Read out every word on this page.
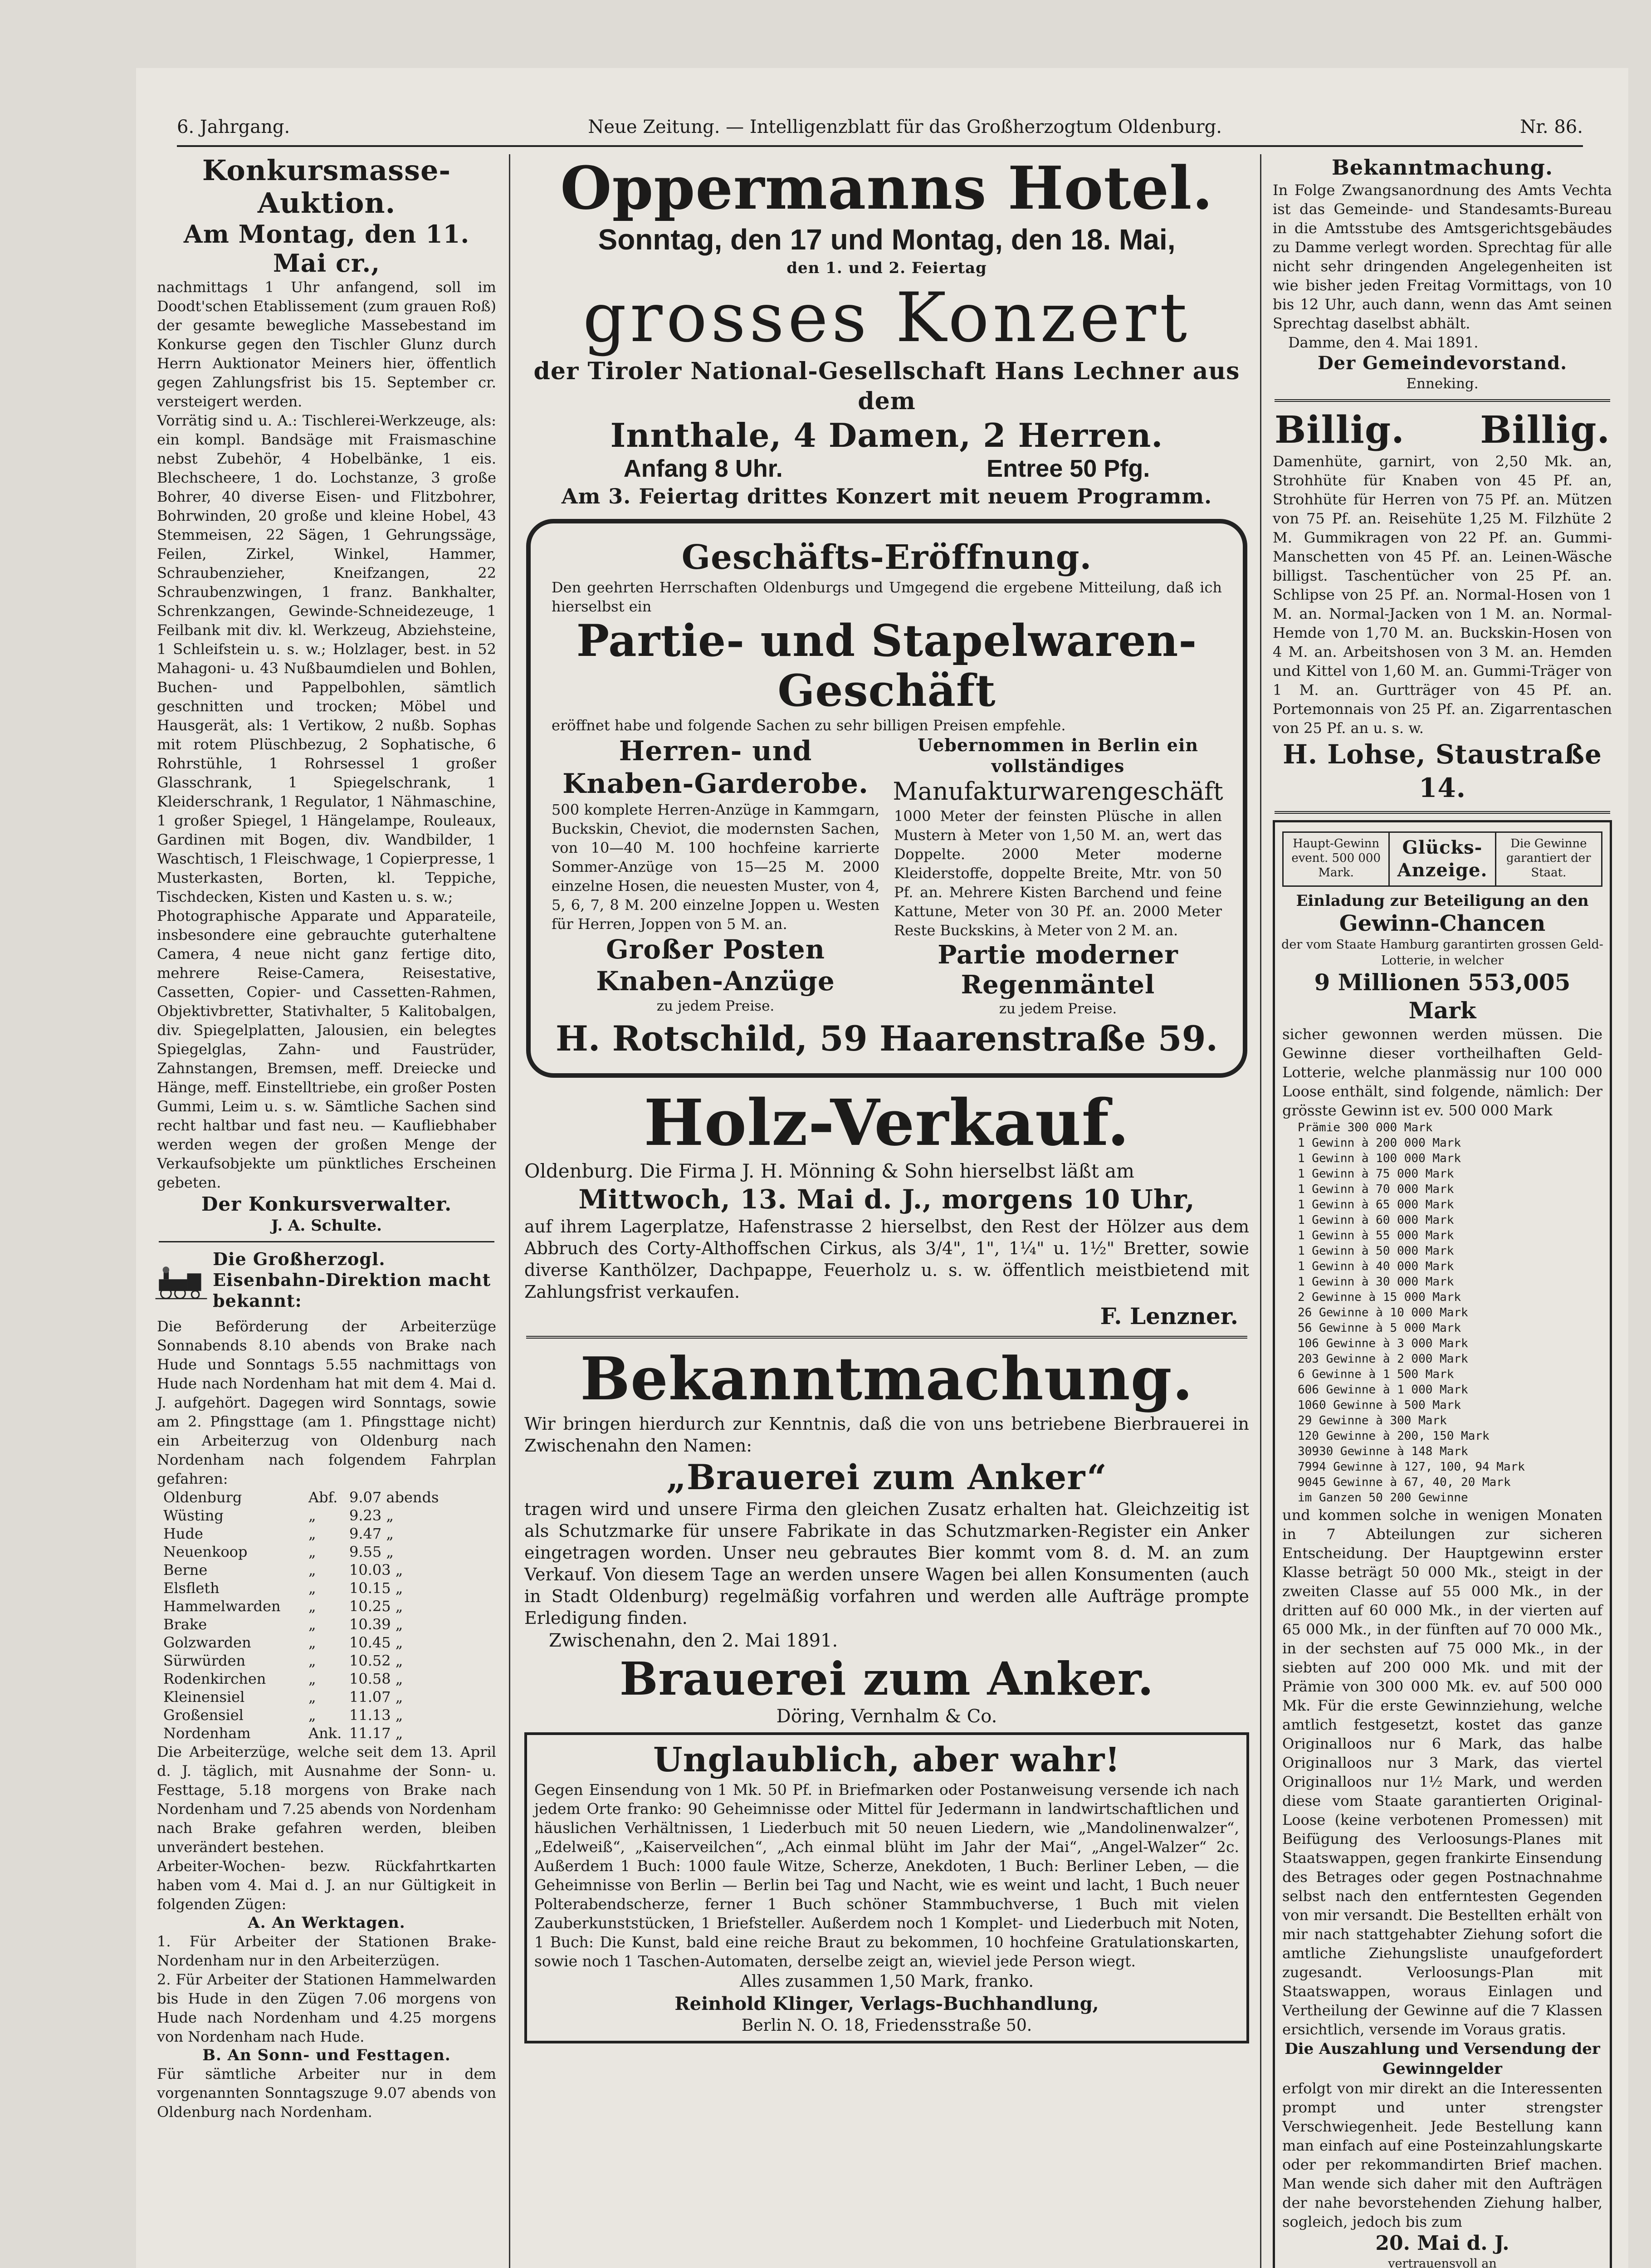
6. Jahrgang.	Neue Zeitung. — Intelligenzblatt für das Großherzogtum Oldenburg.	Nr. 86.
Konkursmasse-Auktion.
Am Montag, den 11. Mai cr.,
nachmittags 1 Uhr anfangend, soll im Doodt'schen Etablissement (zum grauen Roß) der gesamte bewegliche Massebestand im Konkurse gegen den Tischler Glunz durch Herrn Auktionator Meiners hier, öffentlich gegen Zahlungsfrist bis 15. September cr. versteigert werden.
Vorrätig sind u. A.: Tischlerei-Werkzeuge, als: ein kompl. Bandsäge mit Fraismaschine nebst Zubehör, 4 Hobelbänke, 1 eis. Blechscheere, 1 do. Lochstanze, 3 große Bohrer, 40 diverse Eisen- und Flitzbohrer, Bohrwinden, 20 große und kleine Hobel, 43 Stemmeisen, 22 Sägen, 1 Gehrungssäge, Feilen, Zirkel, Winkel, Hammer, Schraubenzieher, Kneifzangen, 22 Schraubenzwingen, 1 franz. Bankhalter, Schrenkzangen, Gewinde-Schneidezeuge, 1 Feilbank mit div. kl. Werkzeug, Abziehsteine, 1 Schleifstein u. s. w.; Holzlager, best. in 52 Mahagoni- u. 43 Nußbaumdielen und Bohlen, Buchen- und Pappelbohlen, sämtlich geschnitten und trocken; Möbel und Hausgerät, als: 1 Vertikow, 2 nußb. Sophas mit rotem Plüschbezug, 2 Sophatische, 6 Rohrstühle, 1 Rohrsessel 1 großer Glasschrank, 1 Spiegelschrank, 1 Kleiderschrank, 1 Regulator, 1 Nähmaschine, 1 großer Spiegel, 1 Hängelampe, Rouleaux, Gardinen mit Bogen, div. Wandbilder, 1 Waschtisch, 1 Fleischwage, 1 Copierpresse, 1 Musterkasten, Borten, kl. Teppiche, Tischdecken, Kisten und Kasten u. s. w.;
Photographische Apparate und Apparateile, insbesondere eine gebrauchte guterhaltene Camera, 4 neue nicht ganz fertige dito, mehrere Reise-Camera, Reisestative, Cassetten, Copier- und Cassetten-Rahmen, Objektivbretter, Stativhalter, 5 Kalitobalgen, div. Spiegelplatten, Jalousien, ein belegtes Spiegelglas, Zahn- und Faustrüder, Zahnstangen, Bremsen, meff. Dreiecke und Hänge, meff. Einstelltriebe, ein großer Posten Gummi, Leim u. s. w. Sämtliche Sachen sind recht haltbar und fast neu. — Kaufliebhaber werden wegen der großen Menge der Verkaufsobjekte um pünktliches Erscheinen gebeten.
Der Konkursverwalter.
J. A. Schulte.
Die Großherzogl. Eisenbahn-Direktion macht bekannt:
Die Beförderung der Arbeiterzüge Sonnabends 8.10 abends von Brake nach Hude und Sonntags 5.55 nachmittags von Hude nach Nordenham hat mit dem 4. Mai d. J. aufgehört. Dagegen wird Sonntags, sowie am 2. Pfingsttage (am 1. Pfingsttage nicht) ein Arbeiterzug von Oldenburg nach Nordenham nach folgendem Fahrplan gefahren:
Oldenburg	Abf. 9.07 abends
Wüsting	„	9.23 „
Hude	„	9.47 „
Neuenkoop	„	9.55 „
Berne	„	10.03 „
Elsfleth	„	10.15 „
Hammelwarden	„	10.25 „
Brake	„	10.39 „
Golzwarden	„	10.45 „
Sürwürden	„	10.52 „
Rodenkirchen	„	10.58 „
Kleinensiel	„	11.07 „
Großensiel	„	11.13 „
Nordenham	Ank. 11.17 „
Die Arbeiterzüge, welche seit dem 13. April d. J. täglich, mit Ausnahme der Sonn- u. Festtage, 5.18 morgens von Brake nach Nordenham und 7.25 abends von Nordenham nach Brake gefahren werden, bleiben unverändert bestehen.
Arbeiter-Wochen- bezw. Rückfahrtkarten haben vom 4. Mai d. J. an nur Gültigkeit in folgenden Zügen:
A. An Werktagen.
1. Für Arbeiter der Stationen Brake-Nordenham nur in den Arbeiterzügen.
2. Für Arbeiter der Stationen Hammelwarden bis Hude in den Zügen 7.06 morgens von Hude nach Nordenham und 4.25 morgens von Nordenham nach Hude.
B. An Sonn- und Festtagen.
Für sämtliche Arbeiter nur in dem vorgenannten Sonntagszuge 9.07 abends von Oldenburg nach Nordenham.
Oppermanns Hotel.
Sonntag, den 17 und Montag, den 18. Mai,
den 1. und 2. Feiertag
grosses Konzert
der Tiroler National-Gesellschaft Hans Lechner aus dem
Innthale, 4 Damen, 2 Herren.
Anfang 8 Uhr.	Entree 50 Pfg.
Am 3. Feiertag drittes Konzert mit neuem Programm.
Geschäfts-Eröffnung.
Den geehrten Herrschaften Oldenburgs und Umgegend die ergebene Mitteilung, daß ich hierselbst ein
Partie- und Stapelwaren-Geschäft
eröffnet habe und folgende Sachen zu sehr billigen Preisen empfehle.
Herren- und Knaben-Garderobe.
500 komplete Herren-Anzüge in Kammgarn, Buckskin, Cheviot, die modernsten Sachen, von 10—40 M. 100 hochfeine karrierte Sommer-Anzüge von 15—25 M. 2000 einzelne Hosen, die neuesten Muster, von 4, 5, 6, 7, 8 M. 200 einzelne Joppen u. Westen für Herren, Joppen von 5 M. an.
Großer Posten Knaben-Anzüge
zu jedem Preise.
Uebernommen in Berlin ein vollständiges
Manufakturwarengeschäft
1000 Meter der feinsten Plüsche in allen Mustern à Meter von 1,50 M. an, wert das Doppelte. 2000 Meter moderne Kleiderstoffe, doppelte Breite, Mtr. von 50 Pf. an. Mehrere Kisten Barchend und feine Kattune, Meter von 30 Pf. an. 2000 Meter Reste Buckskins, à Meter von 2 M. an.
Partie moderner Regenmäntel
zu jedem Preise.
H. Rotschild, 59 Haarenstraße 59.
Holz-Verkauf.
Oldenburg. Die Firma J. H. Mönning & Sohn hierselbst läßt am
Mittwoch, 13. Mai d. J., morgens 10 Uhr,
auf ihrem Lagerplatze, Hafenstrasse 2 hierselbst, den Rest der Hölzer aus dem Abbruch des Corty-Althoffschen Cirkus, als 3/4", 1", 1¼" u. 1½" Bretter, sowie diverse Kanthölzer, Dachpappe, Feuerholz u. s. w. öffentlich meistbietend mit Zahlungsfrist verkaufen.
F. Lenzner.
Bekanntmachung.
Wir bringen hierdurch zur Kenntnis, daß die von uns betriebene Bierbrauerei in Zwischenahn den Namen:
„Brauerei zum Anker“
tragen wird und unsere Firma den gleichen Zusatz erhalten hat. Gleichzeitig ist als Schutzmarke für unsere Fabrikate in das Schutzmarken-Register ein Anker eingetragen worden. Unser neu gebrautes Bier kommt vom 8. d. M. an zum Verkauf. Von diesem Tage an werden unsere Wagen bei allen Konsumenten (auch in Stadt Oldenburg) regelmäßig vorfahren und werden alle Aufträge prompte Erledigung finden.
Zwischenahn, den 2. Mai 1891.
Brauerei zum Anker.
Döring, Vernhalm & Co.
Unglaublich, aber wahr!
Gegen Einsendung von 1 Mk. 50 Pf. in Briefmarken oder Postanweisung versende ich nach jedem Orte franko: 90 Geheimnisse oder Mittel für Jedermann in landwirtschaftlichen und häuslichen Verhältnissen, 1 Liederbuch mit 50 neuen Liedern, wie „Mandolinenwalzer“, „Edelweiß“, „Kaiserveilchen“, „Ach einmal blüht im Jahr der Mai“, „Angel-Walzer“ 2c. Außerdem 1 Buch: 1000 faule Witze, Scherze, Anekdoten, 1 Buch: Berliner Leben, — die Geheimnisse von Berlin — Berlin bei Tag und Nacht, wie es weint und lacht, 1 Buch neuer Polterabendscherze, ferner 1 Buch schöner Stammbuchverse, 1 Buch mit vielen Zauberkunststücken, 1 Briefsteller. Außerdem noch 1 Komplet- und Liederbuch mit Noten, 1 Buch: Die Kunst, bald eine reiche Braut zu bekommen, 10 hochfeine Gratulationskarten, sowie noch 1 Taschen-Automaten, derselbe zeigt an, wieviel jede Person wiegt.
Alles zusammen 1,50 Mark, franko.
Reinhold Klinger, Verlags-Buchhandlung,
Berlin N. O. 18, Friedensstraße 50.
Bekanntmachung.
In Folge Zwangsanordnung des Amts Vechta ist das Gemeinde- und Standesamts-Bureau in die Amtsstube des Amtsgerichtsgebäudes zu Damme verlegt worden. Sprechtag für alle nicht sehr dringenden Angelegenheiten ist wie bisher jeden Freitag Vormittags, von 10 bis 12 Uhr, auch dann, wenn das Amt seinen Sprechtag daselbst abhält.
Damme, den 4. Mai 1891.
Der Gemeindevorstand.
Enneking.
Billig. Billig.
Damenhüte, garnirt, von 2,50 Mk. an, Strohhüte für Knaben von 45 Pf. an, Strohhüte für Herren von 75 Pf. an. Mützen von 75 Pf. an. Reisehüte 1,25 M. Filzhüte 2 M. Gummikragen von 22 Pf. an. Gummi-Manschetten von 45 Pf. an. Leinen-Wäsche billigst. Taschentücher von 25 Pf. an. Schlipse von 25 Pf. an. Normal-Hosen von 1 M. an. Normal-Jacken von 1 M. an. Normal-Hemde von 1,70 M. an. Buckskin-Hosen von 4 M. an. Arbeitshosen von 3 M. an. Hemden und Kittel von 1,60 M. an. Gummi-Träger von 1 M. an. Gurtträger von 45 Pf. an. Portemonnais von 25 Pf. an. Zigarrentaschen von 25 Pf. an u. s. w.
H. Lohse, Staustraße 14.
Haupt-Gewinn event. 500 000 Mark.
Glücks-Anzeige.
Die Gewinne garantiert der Staat.
Einladung zur Beteiligung an den
Gewinn-Chancen
der vom Staate Hamburg garantirten grossen Geld-Lotterie, in welcher
9 Millionen 553,005 Mark
sicher gewonnen werden müssen. Die Gewinne dieser vortheilhaften Geld-Lotterie, welche planmässig nur 100 000 Loose enthält, sind folgende, nämlich: Der grösste Gewinn ist ev. 500 000 Mark
Prämie 300 000 Mark
1 Gewinn à 200 000 Mark
1 Gewinn à 100 000 Mark
1 Gewinn à 75 000 Mark
1 Gewinn à 70 000 Mark
1 Gewinn à 65 000 Mark
1 Gewinn à 60 000 Mark
1 Gewinn à 55 000 Mark
1 Gewinn à 50 000 Mark
1 Gewinn à 40 000 Mark
1 Gewinn à 30 000 Mark
2 Gewinne à 15 000 Mark
26 Gewinne à 10 000 Mark
56 Gewinne à 5 000 Mark
106 Gewinne à 3 000 Mark
203 Gewinne à 2 000 Mark
6 Gewinne à 1 500 Mark
606 Gewinne à 1 000 Mark
1060 Gewinne à 500 Mark
29 Gewinne à 300 Mark
120 Gewinne à 200, 150 Mark
30930 Gewinne à 148 Mark
7994 Gewinne à 127, 100, 94 Mark
9045 Gewinne à 67, 40, 20 Mark
im Ganzen 50 200 Gewinne
und kommen solche in wenigen Monaten in 7 Abteilungen zur sicheren Entscheidung. Der Hauptgewinn erster Klasse beträgt 50 000 Mk., steigt in der zweiten Classe auf 55 000 Mk., in der dritten auf 60 000 Mk., in der vierten auf 65 000 Mk., in der fünften auf 70 000 Mk., in der sechsten auf 75 000 Mk., in der siebten auf 200 000 Mk. und mit der Prämie von 300 000 Mk. ev. auf 500 000 Mk. Für die erste Gewinnziehung, welche amtlich festgesetzt, kostet das ganze Originalloos nur 6 Mark, das halbe Originalloos nur 3 Mark, das viertel Originalloos nur 1½ Mark, und werden diese vom Staate garantierten Original-Loose (keine verbotenen Promessen) mit Beifügung des Verloosungs-Planes mit Staatswappen, gegen frankirte Einsendung des Betrages oder gegen Postnachnahme selbst nach den entferntesten Gegenden von mir versandt. Die Bestellten erhält von mir nach stattgehabter Ziehung sofort die amtliche Ziehungsliste unaufgefordert zugesandt. Verloosungs-Plan mit Staatswappen, woraus Einlagen und Vertheilung der Gewinne auf die 7 Klassen ersichtlich, versende im Voraus gratis.
Die Auszahlung und Versendung der Gewinngelder
erfolgt von mir direkt an die Interessenten prompt und unter strengster Verschwiegenheit. Jede Bestellung kann man einfach auf eine Posteinzahlungskarte oder per rekommandirten Brief machen. Man wende sich daher mit den Aufträgen der nahe bevorstehenden Ziehung halber, sogleich, jedoch bis zum
20. Mai d. J.
vertrauensvoll an
